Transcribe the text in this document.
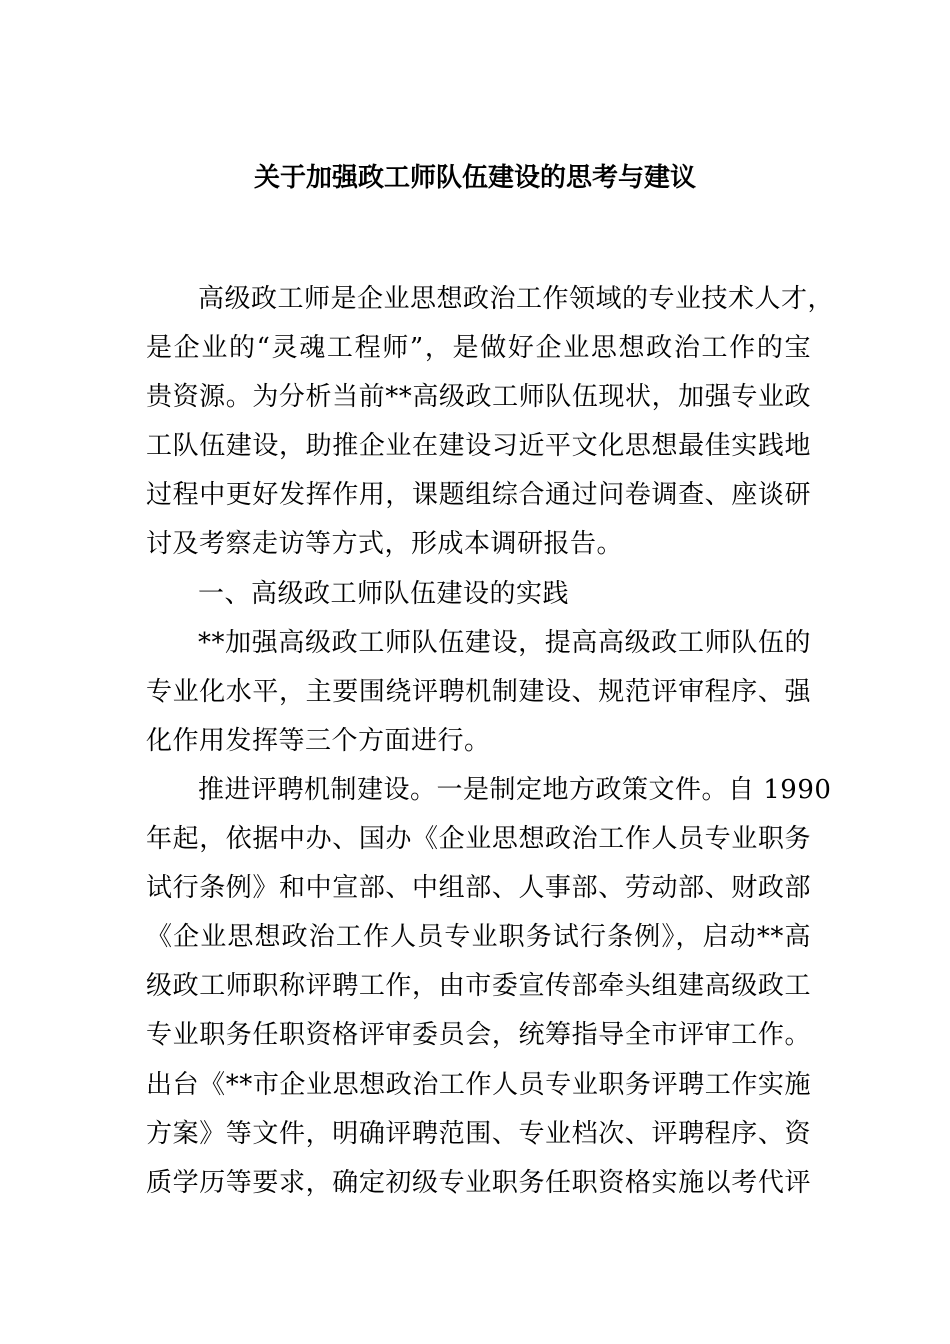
关于加强政工师队伍建设的思考与建议
高级政工师是企业思想政治工作领域的专业技术人才，
是企业的“灵魂工程师”，是做好企业思想政治工作的宝
贵资源。为分析当前**高级政工师队伍现状，加强专业政
工队伍建设，助推企业在建设习近平文化思想最佳实践地
过程中更好发挥作用，课题组综合通过问卷调查、座谈研
讨及考察走访等方式，形成本调研报告。
一、高级政工师队伍建设的实践
**加强高级政工师队伍建设，提高高级政工师队伍的
专业化水平，主要围绕评聘机制建设、规范评审程序、强
化作用发挥等三个方面进行。
推进评聘机制建设。一是制定地方政策文件。自 1990
年起，依据中办、国办《企业思想政治工作人员专业职务
试行条例》和中宣部、中组部、人事部、劳动部、财政部
《企业思想政治工作人员专业职务试行条例》，启动**高
级政工师职称评聘工作，由市委宣传部牵头组建高级政工
专业职务任职资格评审委员会，统筹指导全市评审工作。
出台《**市企业思想政治工作人员专业职务评聘工作实施
方案》等文件，明确评聘范围、专业档次、评聘程序、资
质学历等要求，确定初级专业职务任职资格实施以考代评
